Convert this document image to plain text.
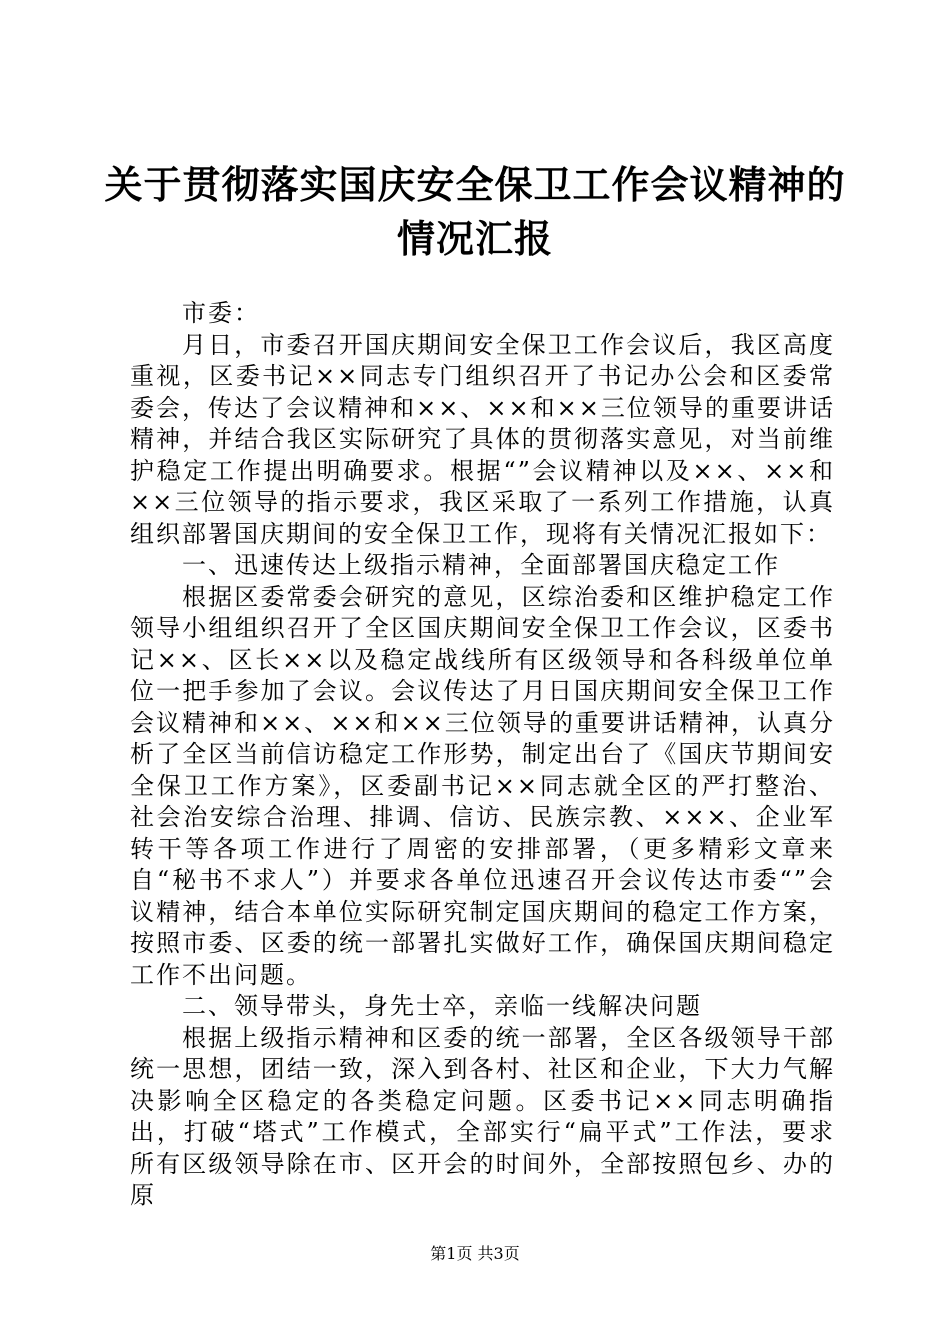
关于贯彻落实国庆安全保卫工作会议精神的情况汇报

市委：

月日，市委召开国庆期间安全保卫工作会议后，我区高度重视，区委书记××同志专门组织召开了书记办公会和区委常委会，传达了会议精神和××、××和××三位领导的重要讲话精神，并结合我区实际研究了具体的贯彻落实意见，对当前维护稳定工作提出明确要求。根据“”会议精神以及××、××和××三位领导的指示要求，我区采取了一系列工作措施，认真组织部署国庆期间的安全保卫工作，现将有关情况汇报如下：

一、迅速传达上级指示精神，全面部署国庆稳定工作

根据区委常委会研究的意见，区综治委和区维护稳定工作领导小组组织召开了全区国庆期间安全保卫工作会议，区委书记××、区长××以及稳定战线所有区级领导和各科级单位单位一把手参加了会议。会议传达了月日国庆期间安全保卫工作会议精神和××、××和××三位领导的重要讲话精神，认真分析了全区当前信访稳定工作形势，制定出台了《国庆节期间安全保卫工作方案》，区委副书记××同志就全区的严打整治、社会治安综合治理、排调、信访、民族宗教、×××、企业军转干等各项工作进行了周密的安排部署，（更多精彩文章来自“秘书不求人”）并要求各单位迅速召开会议传达市委“”会议精神，结合本单位实际研究制定国庆期间的稳定工作方案，按照市委、区委的统一部署扎实做好工作，确保国庆期间稳定工作不出问题。

二、领导带头，身先士卒，亲临一线解决问题

根据上级指示精神和区委的统一部署，全区各级领导干部统一思想，团结一致，深入到各村、社区和企业，下大力气解决影响全区稳定的各类稳定问题。区委书记××同志明确指出，打破“塔式”工作模式，全部实行“扁平式”工作法，要求所有区级领导除在市、区开会的时间外，全部按照包乡、办的原

第1页 共3页
